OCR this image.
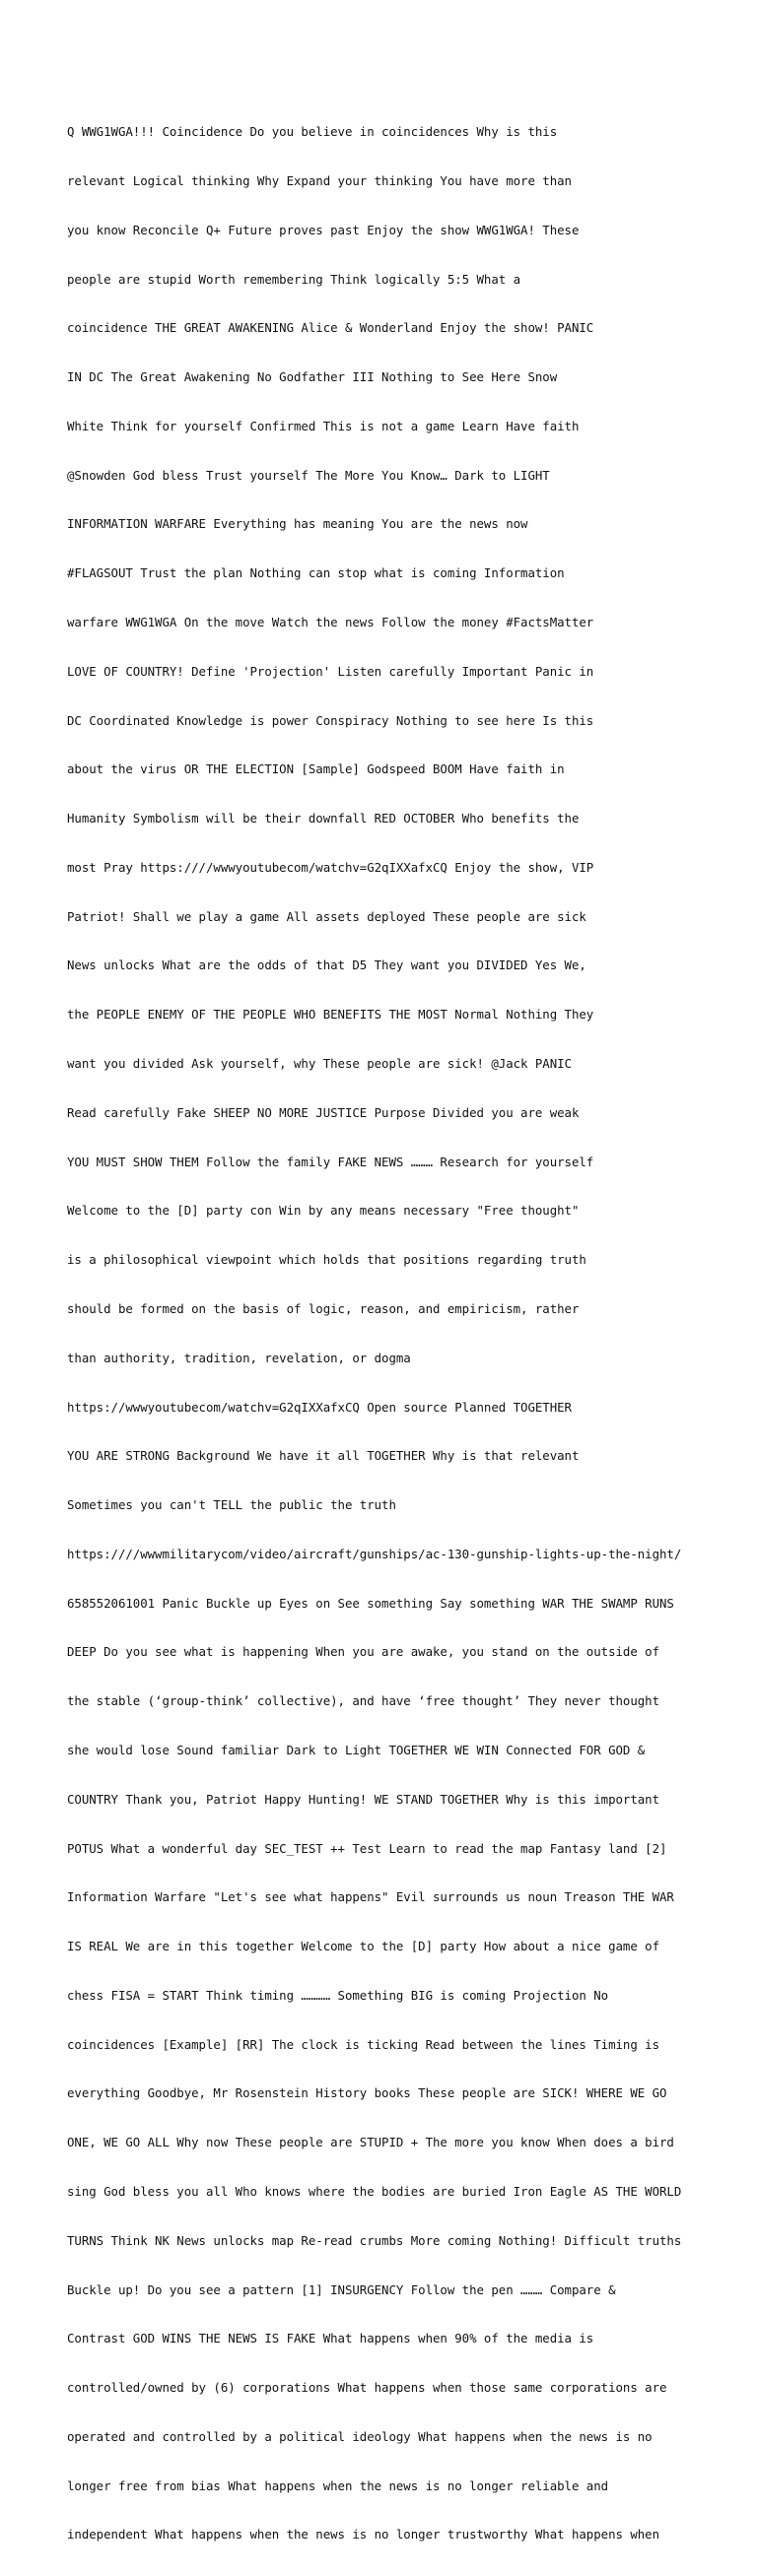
Q WWG1WGA!!! Coincidence Do you believe in coincidences Why is this

relevant Logical thinking Why Expand your thinking You have more than

you know Reconcile Q+ Future proves past Enjoy the show WWG1WGA! These

people are stupid Worth remembering Think logically 5:5 What a

coincidence THE GREAT AWAKENING Alice & Wonderland Enjoy the show! PANIC

IN DC The Great Awakening No Godfather III Nothing to See Here Snow

White Think for yourself Confirmed This is not a game Learn Have faith

@Snowden God bless Trust yourself The More You Know… Dark to LIGHT

INFORMATION WARFARE Everything has meaning You are the news now

#FLAGSOUT Trust the plan Nothing can stop what is coming Information

warfare WWG1WGA On the move Watch the news Follow the money #FactsMatter

LOVE OF COUNTRY! Define 'Projection' Listen carefully Important Panic in

DC Coordinated Knowledge is power Conspiracy Nothing to see here Is this

about the virus OR THE ELECTION [Sample] Godspeed BOOM Have faith in

Humanity Symbolism will be their downfall RED OCTOBER Who benefits the

most Pray https:////wwwyoutubecom/watchv=G2qIXXafxCQ Enjoy the show, VIP

Patriot! Shall we play a game All assets deployed These people are sick

News unlocks What are the odds of that D5 They want you DIVIDED Yes We,

the PEOPLE ENEMY OF THE PEOPLE WHO BENEFITS THE MOST Normal Nothing They

want you divided Ask yourself, why These people are sick! @Jack PANIC

Read carefully Fake SHEEP NO MORE JUSTICE Purpose Divided you are weak

YOU MUST SHOW THEM Follow the family FAKE NEWS ……… Research for yourself

Welcome to the [D] party con Win by any means necessary "Free thought"

is a philosophical viewpoint which holds that positions regarding truth

should be formed on the basis of logic, reason, and empiricism, rather

than authority, tradition, revelation, or dogma

https://wwwyoutubecom/watchv=G2qIXXafxCQ Open source Planned TOGETHER

YOU ARE STRONG Background We have it all TOGETHER Why is that relevant

Sometimes you can't TELL the public the truth

https:////wwwmilitarycom/video/aircraft/gunships/ac-130-gunship-lights-up-the-night/

658552061001 Panic Buckle up Eyes on See something Say something WAR THE SWAMP RUNS

DEEP Do you see what is happening When you are awake, you stand on the outside of

the stable (‘group-think’ collective), and have ‘free thought’ They never thought

she would lose Sound familiar Dark to Light TOGETHER WE WIN Connected FOR GOD &

COUNTRY Thank you, Patriot Happy Hunting! WE STAND TOGETHER Why is this important

POTUS What a wonderful day SEC_TEST ++ Test Learn to read the map Fantasy land [2]

Information Warfare "Let's see what happens" Evil surrounds us noun Treason THE WAR

IS REAL We are in this together Welcome to the [D] party How about a nice game of

chess FISA = START Think timing ………… Something BIG is coming Projection No

coincidences [Example] [RR] The clock is ticking Read between the lines Timing is

everything Goodbye, Mr Rosenstein History books These people are SICK! WHERE WE GO

ONE, WE GO ALL Why now These people are STUPID + The more you know When does a bird

sing God bless you all Who knows where the bodies are buried Iron Eagle AS THE WORLD

TURNS Think NK News unlocks map Re-read crumbs More coming Nothing! Difficult truths

Buckle up! Do you see a pattern [1] INSURGENCY Follow the pen ……… Compare &

Contrast GOD WINS THE NEWS IS FAKE What happens when 90% of the media is

controlled/owned by (6) corporations What happens when those same corporations are

operated and controlled by a political ideology What happens when the news is no

longer free from bias What happens when the news is no longer reliable and

independent What happens when the news is no longer trustworthy What happens when
